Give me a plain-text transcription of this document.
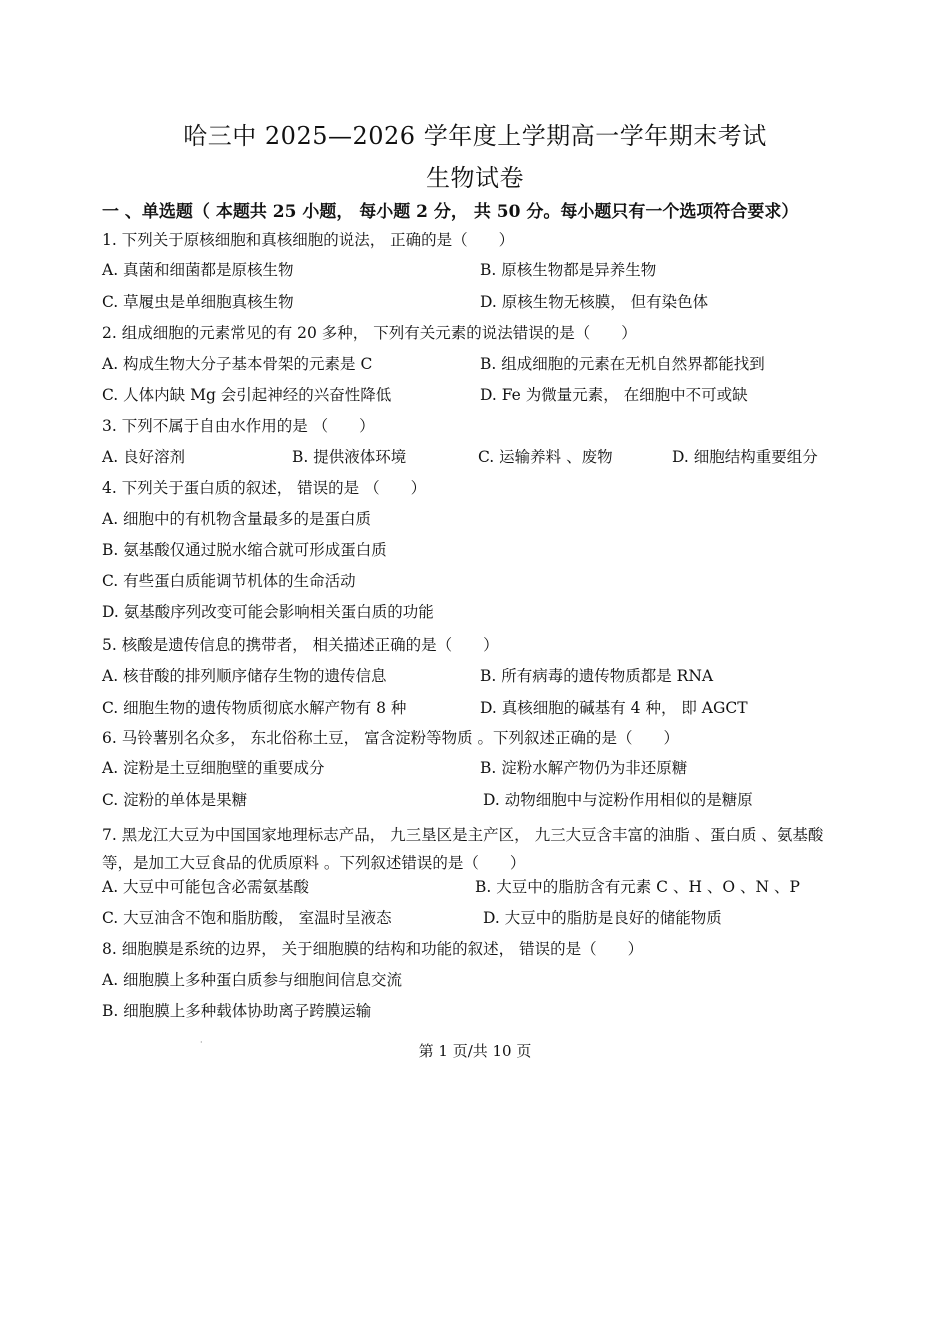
哈三中 2025—2026 学年度上学期高一学年期末考试
生物试卷
一 、单选题（ 本题共 25 小题， 每小题 2 分， 共 50 分。每小题只有一个选项符合要求）
1. 下列关于原核细胞和真核细胞的说法， 正确的是（　　）
A. 真菌和细菌都是原核生物	B. 原核生物都是异养生物
C. 草履虫是单细胞真核生物	D. 原核生物无核膜， 但有染色体
2. 组成细胞的元素常见的有 20 多种， 下列有关元素的说法错误的是（　　）
A. 构成生物大分子基本骨架的元素是 C	B. 组成细胞的元素在无机自然界都能找到
C. 人体内缺 Mg 会引起神经的兴奋性降低	D. Fe 为微量元素， 在细胞中不可或缺
3. 下列不属于自由水作用的是 （　　）
A. 良好溶剂	B. 提供液体环境	C. 运输养料 、废物	D. 细胞结构重要组分
4. 下列关于蛋白质的叙述， 错误的是 （　　）
A. 细胞中的有机物含量最多的是蛋白质
B. 氨基酸仅通过脱水缩合就可形成蛋白质
C. 有些蛋白质能调节机体的生命活动
D. 氨基酸序列改变可能会影响相关蛋白质的功能
5. 核酸是遗传信息的携带者， 相关描述正确的是（　　）
A. 核苷酸的排列顺序储存生物的遗传信息	B. 所有病毒的遗传物质都是 RNA
C. 细胞生物的遗传物质彻底水解产物有 8 种	D. 真核细胞的碱基有 4 种， 即 AGCT
6. 马铃薯别名众多， 东北俗称土豆， 富含淀粉等物质 。下列叙述正确的是（　　）
A. 淀粉是土豆细胞壁的重要成分	B. 淀粉水解产物仍为非还原糖
C. 淀粉的单体是果糖	D. 动物细胞中与淀粉作用相似的是糖原
7. 黑龙江大豆为中国国家地理标志产品， 九三垦区是主产区， 九三大豆含丰富的油脂 、蛋白质 、氨基酸
等，是加工大豆食品的优质原料 。下列叙述错误的是（　　）
A. 大豆中可能包含必需氨基酸	B. 大豆中的脂肪含有元素 C 、H 、O 、N 、P
C. 大豆油含不饱和脂肪酸， 室温时呈液态	D. 大豆中的脂肪是良好的储能物质
8. 细胞膜是系统的边界， 关于细胞膜的结构和功能的叙述， 错误的是（　　）
A. 细胞膜上多种蛋白质参与细胞间信息交流
B. 细胞膜上多种载体协助离子跨膜运输
·	第 1 页/共 10 页
